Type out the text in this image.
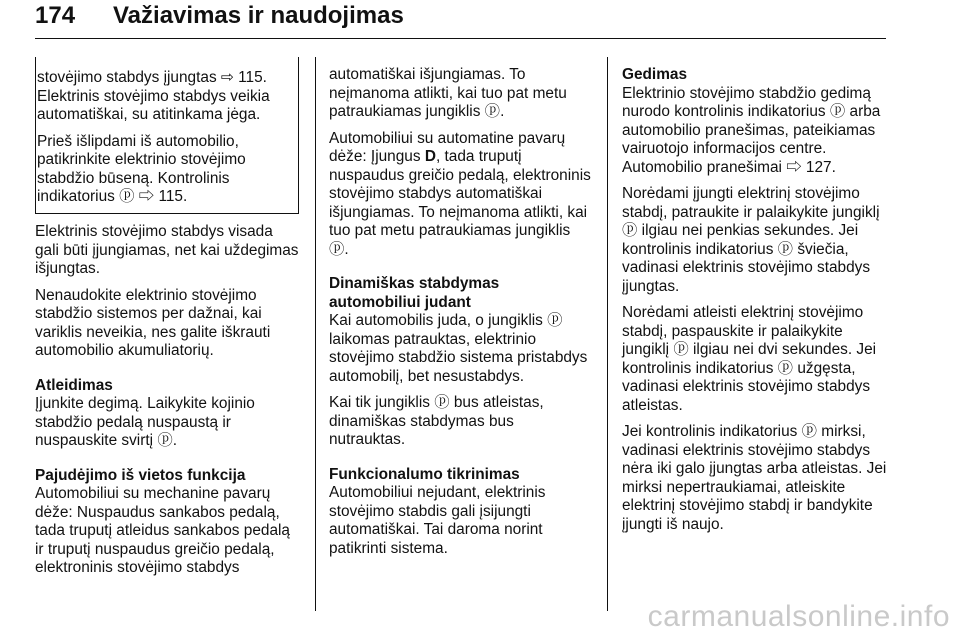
174 Važiavimas ir naudojimas

stovėjimo stabdys įjungtas ⇨ 115. Elektrinis stovėjimo stabdys veikia automatiškai, su atitinkama jėga.

Prieš išlipdami iš automobilio, patikrinkite elektrinio stovėjimo stabdžio būseną. Kontrolinis indikatorius ⓟ ⇨ 115.

Elektrinis stovėjimo stabdys visada gali būti įjungiamas, net kai uždegimas išjungtas.

Nenaudokite elektrinio stovėjimo stabdžio sistemos per dažnai, kai variklis neveikia, nes galite iškrauti automobilio akumuliatorių.

Atleidimas

Įjunkite degimą. Laikykite kojinio stabdžio pedalą nuspaustą ir nuspauskite svirtį ⓟ.

Pajudėjimo iš vietos funkcija

Automobiliui su mechanine pavarų dėže: Nuspaudus sankabos pedalą, tada truputį atleidus sankabos pedalą ir truputį nuspaudus greičio pedalą, elektroninis stovėjimo stabdys

automatiškai išjungiamas. To neįmanoma atlikti, kai tuo pat metu patraukiamas jungiklis ⓟ.

Automobiliui su automatine pavarų dėže: Įjungus D, tada truputį nuspaudus greičio pedalą, elektroninis stovėjimo stabdys automatiškai išjungiamas. To neįmanoma atlikti, kai tuo pat metu patraukiamas jungiklis ⓟ.

Dinamiškas stabdymas automobiliui judant

Kai automobilis juda, o jungiklis ⓟ laikomas patrauktas, elektrinio stovėjimo stabdžio sistema pristabdys automobilį, bet nesustabdys.

Kai tik jungiklis ⓟ bus atleistas, dinamiškas stabdymas bus nutrauktas.

Funkcionalumo tikrinimas

Automobiliui nejudant, elektrinis stovėjimo stabdis gali įsijungti automatiškai. Tai daroma norint patikrinti sistema.

Gedimas

Elektrinio stovėjimo stabdžio gedimą nurodo kontrolinis indikatorius ⓟ arba automobilio pranešimas, pateikiamas vairuotojo informacijos centre. Automobilio pranešimai ⇨ 127.

Norėdami įjungti elektrinį stovėjimo stabdį, patraukite ir palaikykite jungiklį ⓟ ilgiau nei penkias sekundes. Jei kontrolinis indikatorius ⓟ šviečia, vadinasi elektrinis stovėjimo stabdys įjungtas.

Norėdami atleisti elektrinį stovėjimo stabdį, paspauskite ir palaikykite jungiklį ⓟ ilgiau nei dvi sekundes. Jei kontrolinis indikatorius ⓟ užgęsta, vadinasi elektrinis stovėjimo stabdys atleistas.

Jei kontrolinis indikatorius ⓟ mirksi, vadinasi elektrinis stovėjimo stabdys nėra iki galo įjungtas arba atleistas. Jei mirksi nepertraukiamai, atleiskite elektrinį stovėjimo stabdį ir bandykite įjungti iš naujo.

carmanualsonline.info
